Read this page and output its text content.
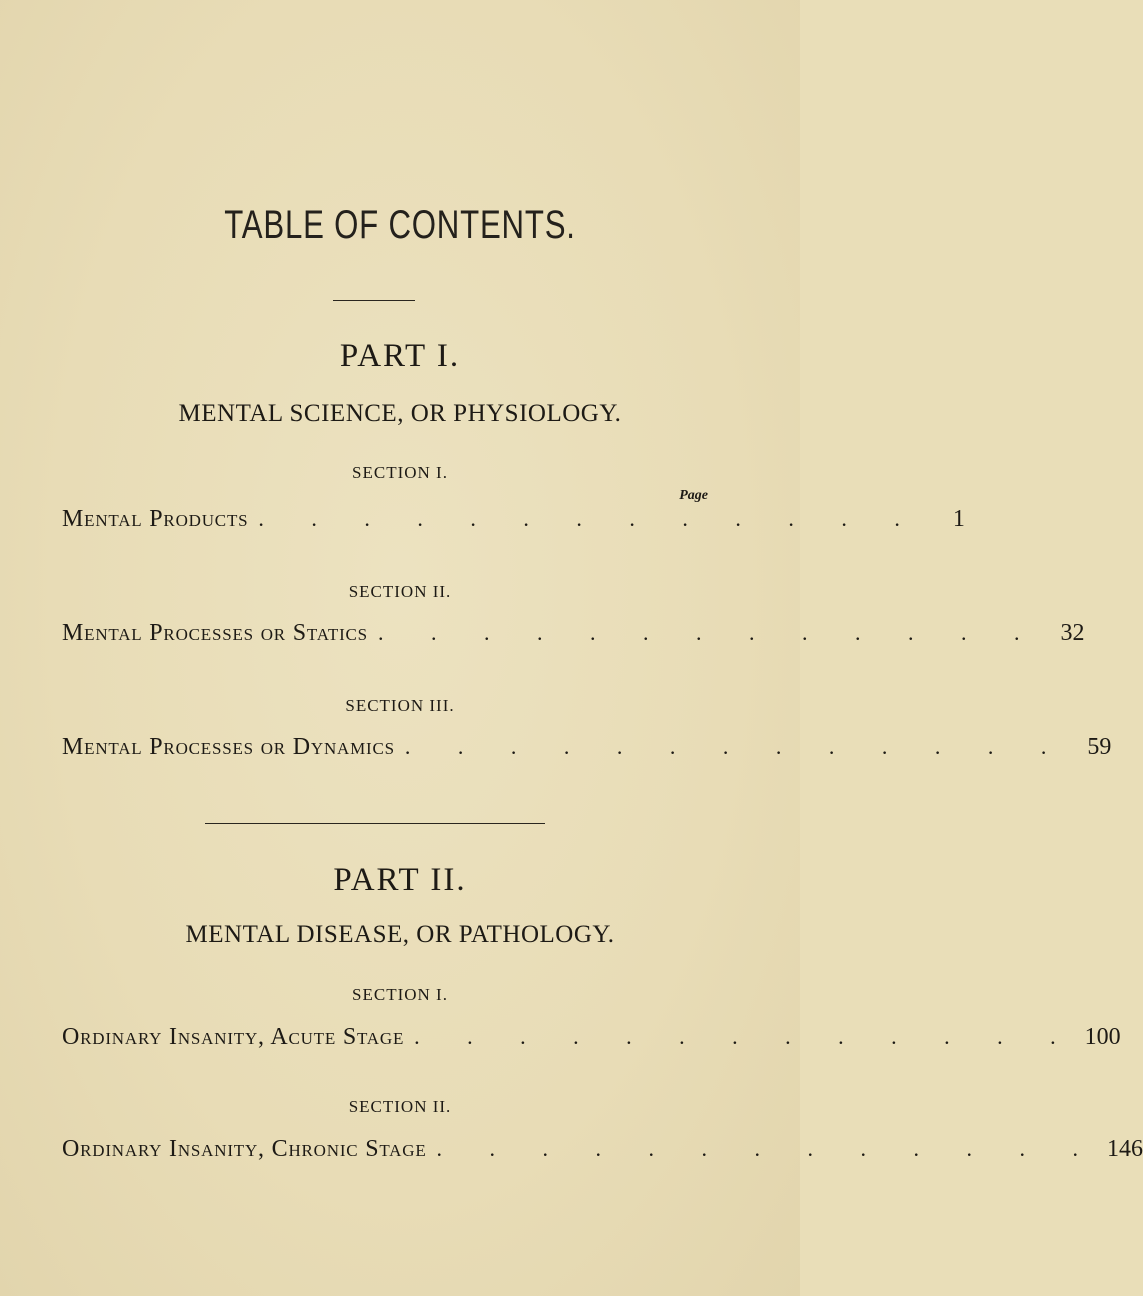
TABLE OF CONTENTS.
PART I.
MENTAL SCIENCE, OR PHYSIOLOGY.
SECTION I.
Page
Mental Products . . . . . . . . . . . . .	1
SECTION II.
Mental Processes or Statics . . . . . . . . . . . . . 32
SECTION III.
Mental Processes or Dynamics . . . . . . . . . . . . . 59
PART II.
MENTAL DISEASE, OR PATHOLOGY.
SECTION I.
Ordinary Insanity, Acute Stage . . . . . . . . . . . . . 100
SECTION II.
Ordinary Insanity, Chronic Stage . . . . . . . . . . . . . 146
